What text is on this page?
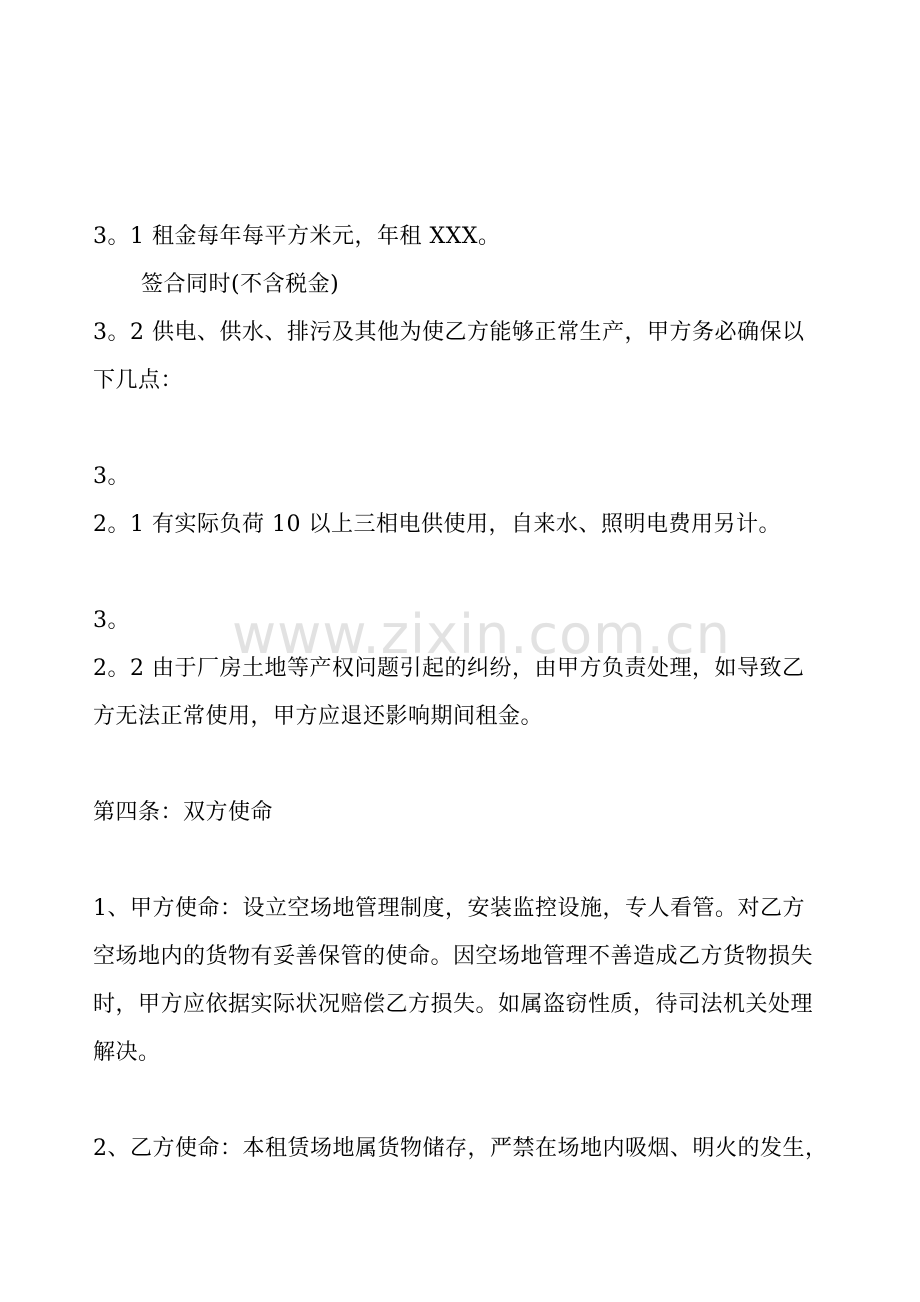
www.zixin.com.cn
3。1 租金每年每平方米元，年租 XXX。
签合同时(不含税金)
3。2 供电、供水、排污及其他为使乙方能够正常生产，甲方务必确保以
下几点：
3。
2。1 有实际负荷 10 以上三相电供使用，自来水、照明电费用另计。
3。
2。2 由于厂房土地等产权问题引起的纠纷，由甲方负责处理，如导致乙
方无法正常使用，甲方应退还影响期间租金。
第四条：双方使命
1、甲方使命：设立空场地管理制度，安装监控设施，专人看管。对乙方
空场地内的货物有妥善保管的使命。因空场地管理不善造成乙方货物损失
时，甲方应依据实际状况赔偿乙方损失。如属盗窃性质，待司法机关处理
解决。
2、乙方使命：本租赁场地属货物储存，严禁在场地内吸烟、明火的发生，
